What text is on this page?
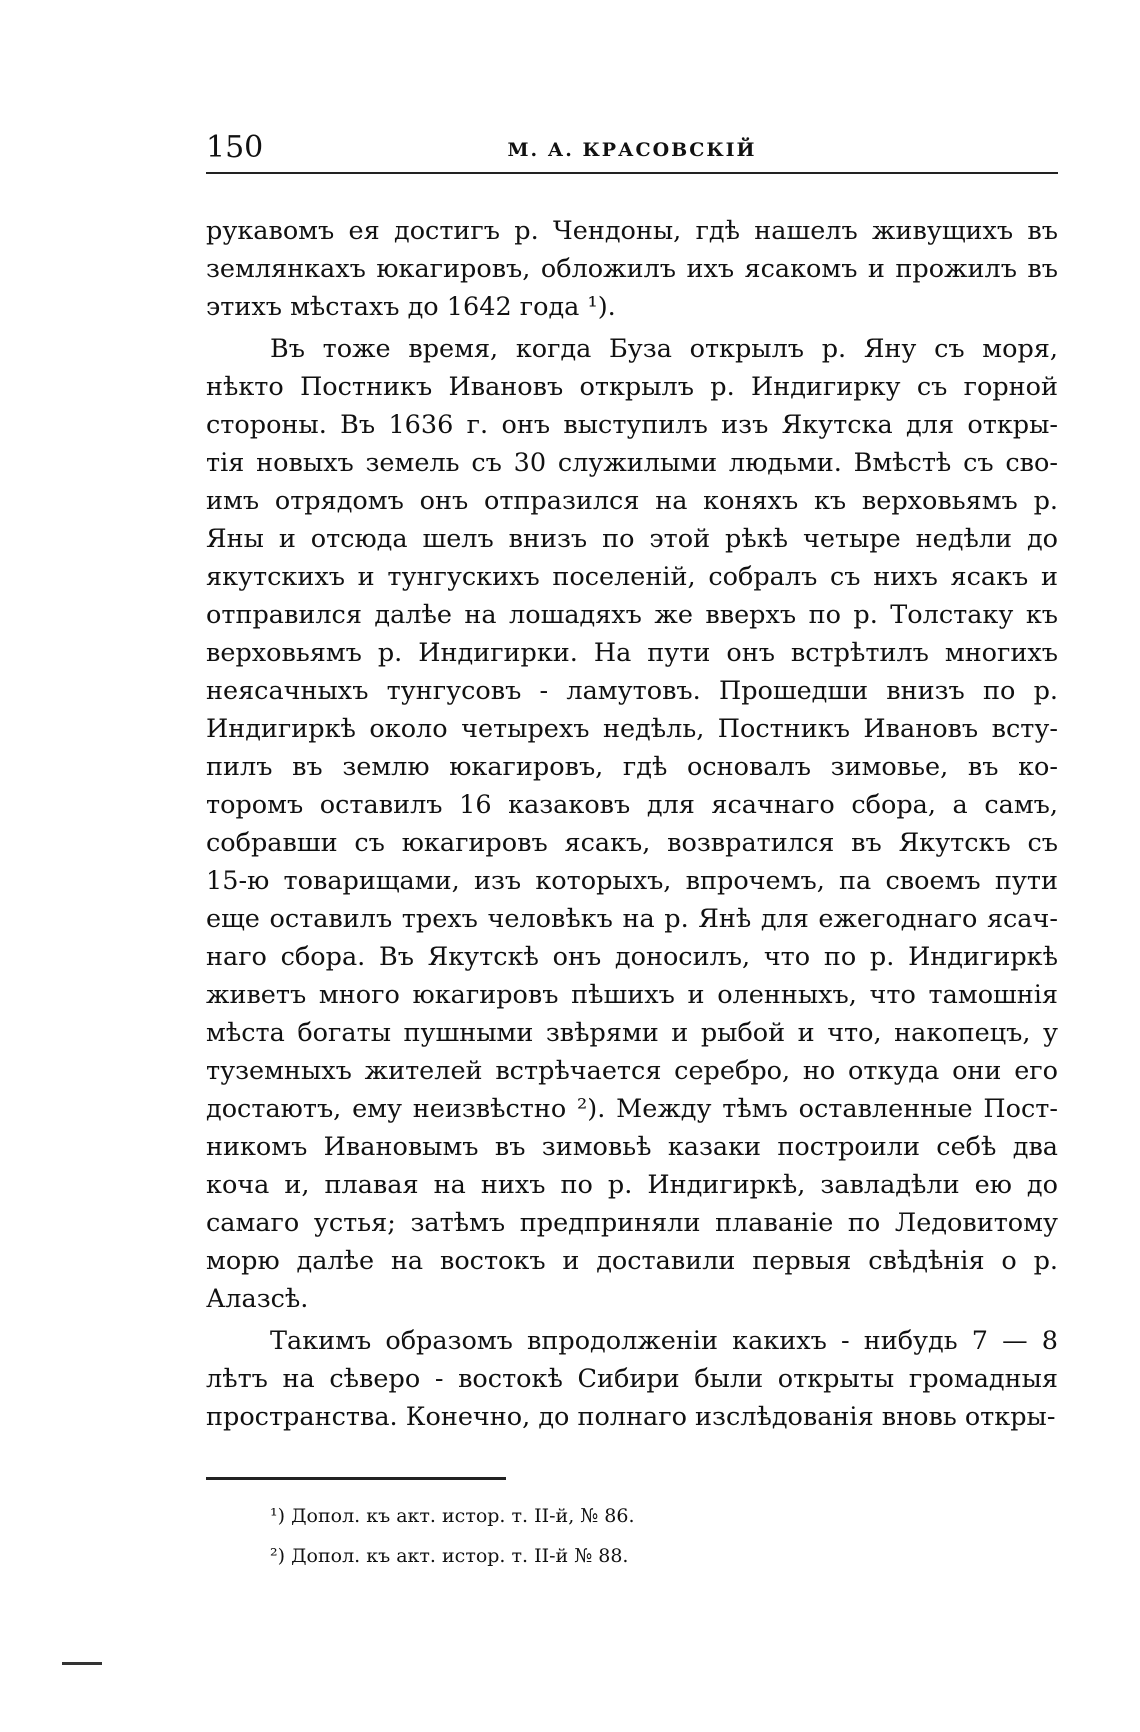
150	М. А. КРАСОВСКІЙ
рукавомъ ея достигъ р. Чендоны, гдѣ нашелъ живущихъ въ
землянкахъ юкагировъ, обложилъ ихъ ясакомъ и прожилъ въ
этихъ мѣстахъ до 1642 года ¹).
Въ тоже время, когда Буза открылъ р. Яну съ моря,
нѣкто Постникъ Ивановъ открылъ р. Индигирку съ горной
стороны. Въ 1636 г. онъ выступилъ изъ Якутска для откры-
тія новыхъ земель съ 30 служилыми людьми. Вмѣстѣ съ сво-
имъ отрядомъ онъ отпразился на коняхъ къ верховьямъ р.
Яны и отсюда шелъ внизъ по этой рѣкѣ четыре недѣли до
якутскихъ и тунгускихъ поселеній, собралъ съ нихъ ясакъ и
отправился далѣе на лошадяхъ же вверхъ по р. Толстаку къ
верховьямъ р. Индигирки. На пути онъ встрѣтилъ многихъ
неясачныхъ тунгусовъ - ламутовъ. Прошедши внизъ по р.
Индигиркѣ около четырехъ недѣль, Постникъ Ивановъ всту-
пилъ въ землю юкагировъ, гдѣ основалъ зимовье, въ ко-
торомъ оставилъ 16 казаковъ для ясачнаго сбора, а самъ,
собравши съ юкагировъ ясакъ, возвратился въ Якутскъ съ
15-ю товарищами, изъ которыхъ, впрочемъ, па своемъ пути
еще оставилъ трехъ человѣкъ на р. Янѣ для ежегоднаго ясач-
наго сбора. Въ Якутскѣ онъ доносилъ, что по р. Индигиркѣ
живетъ много юкагировъ пѣшихъ и оленныхъ, что тамошнія
мѣста богаты пушными звѣрями и рыбой и что, накопецъ, у
туземныхъ жителей встрѣчается серебро, но откуда они его
достаютъ, ему неизвѣстно ²). Между тѣмъ оставленные Пост-
никомъ Ивановымъ въ зимовьѣ казаки построили себѣ два
коча и, плавая на нихъ по р. Индигиркѣ, завладѣли ею до
самаго устья; затѣмъ предприняли плаваніе по Ледовитому
морю далѣе на востокъ и доставили первыя свѣдѣнія о р.
Алазсѣ.
Такимъ образомъ впродолженіи какихъ - нибудь 7 — 8
лѣтъ на сѣверо - востокѣ Сибири были открыты громадныя
пространства. Конечно, до полнаго изслѣдованія вновь откры-
¹) Допол. къ акт. истор. т. II-й, № 86.
²) Допол. къ акт. истор. т. II-й № 88.
